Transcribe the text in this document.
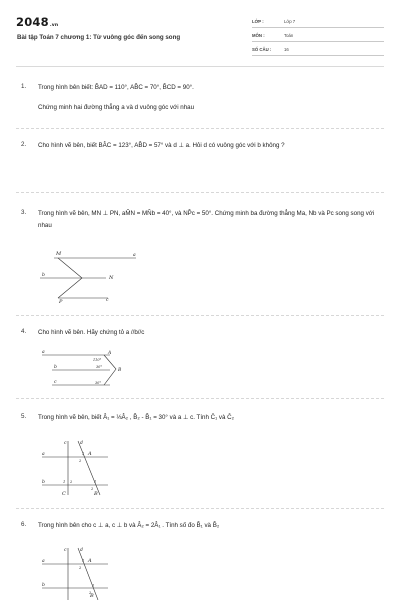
2048.vn
Bài tập Toán 7 chương 1: Từ vuông góc đến song song
LỚP :	Lớp 7
MÔN :	Toán
SỐ CÂU :	16
1. Trong hình bên biết: B̂AD = 110°, AB̂C = 70°, B̂CD = 90°.
Chứng minh hai đường thẳng a và d vuông góc với nhau
2. Cho hình vẽ bên, biết BÂC = 123°, AB̂D = 57° và d ⊥ a. Hỏi d có vuông góc với b không ?
3. Trong hình vẽ bên, MN ⊥ PN, aM̂N = MN̂b = 40°, và NP̂c = 50°. Chứng minh ba đường thẳng Ma, Nb và Pc song song với nhau
M
N
P
a
b
c
4. Cho hình vẽ bên. Hãy chứng tỏ a //b//c
a
b
c
A
B
110°
30°
30°
5. Trong hình vẽ bên, biết Â₁ = ⅓Â₂ , B̂₂ - B̂₁ = 30° và a ⊥ c. Tính Ĉ₁ và Ĉ₂
c	d
a
b
A
B
C
1
2
1
2
1 2
6. Trong hình bên cho c ⊥ a, c ⊥ b và Â₂ = 2Â₁ . Tính số đo B̂₁ và B̂₂
c	d
a
b
A
B
1
2
1
2
